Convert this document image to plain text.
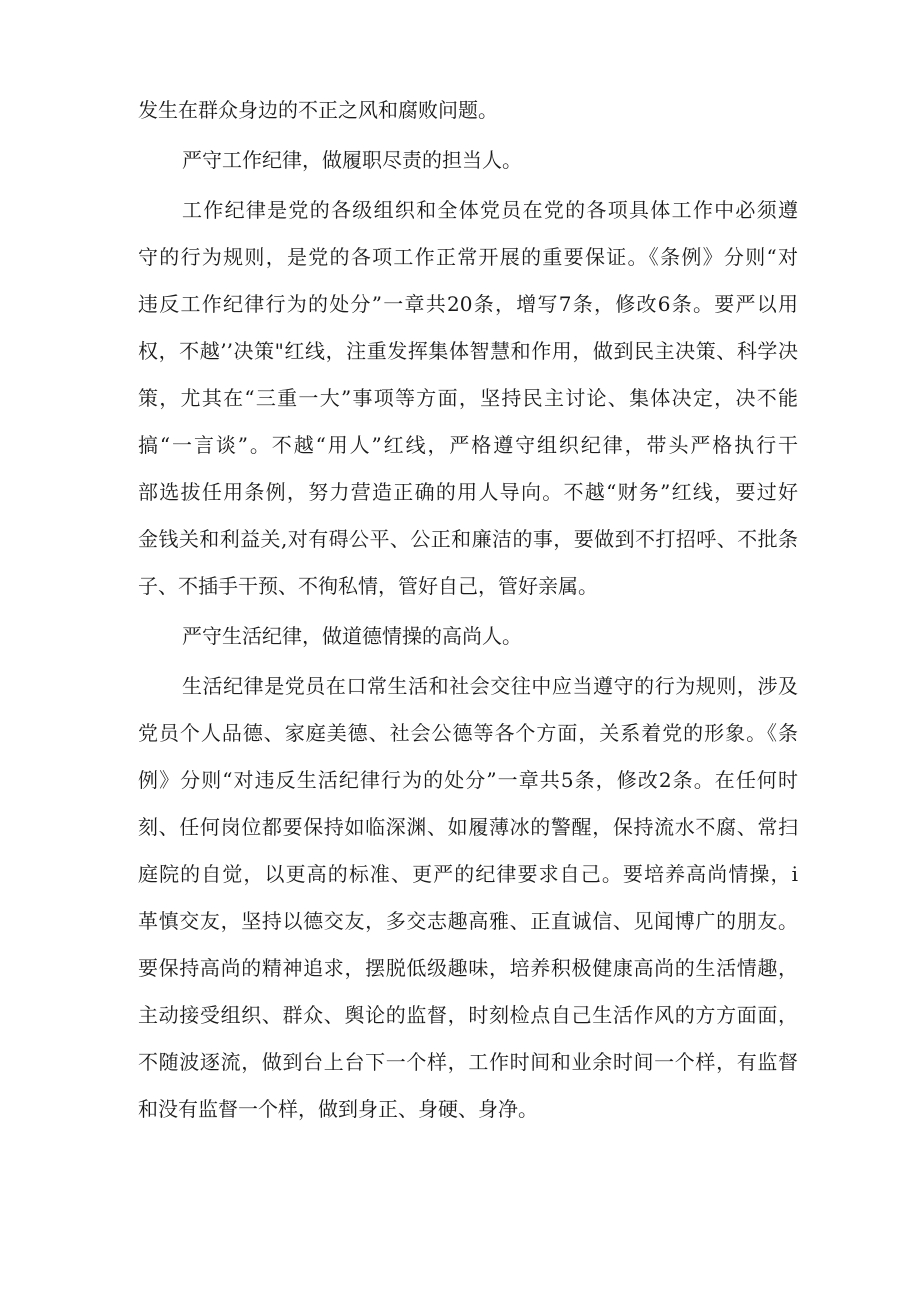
发生在群众身边的不正之风和腐败问题。

严守工作纪律，做履职尽责的担当人。

工作纪律是党的各级组织和全体党员在党的各项具体工作中必须遵

守的行为规则，是党的各项工作正常开展的重要保证。《条例》分则“对

违反工作纪律行为的处分”一章共20条，增写7条，修改6条。要严以用

权，不越’’决策"红线，注重发挥集体智慧和作用，做到民主决策、科学决

策，尤其在“三重一大”事项等方面，坚持民主讨论、集体决定，决不能

搞“一言谈”。不越“用人”红线，严格遵守组织纪律，带头严格执行干

部选拔任用条例，努力营造正确的用人导向。不越“财务”红线，要过好

金钱关和利益关,对有碍公平、公正和廉洁的事，要做到不打招呼、不批条

子、不插手干预、不徇私情，管好自己，管好亲属。

严守生活纪律，做道德情操的高尚人。

生活纪律是党员在口常生活和社会交往中应当遵守的行为规则，涉及

党员个人品德、家庭美德、社会公德等各个方面，关系着党的形象。《条

例》分则“对违反生活纪律行为的处分”一章共5条，修改2条。在任何时

刻、任何岗位都要保持如临深渊、如履薄冰的警醒，保持流水不腐、常扫

庭院的自觉，以更高的标准、更严的纪律要求自己。要培养高尚情操，i

革慎交友，坚持以德交友，多交志趣高雅、正直诚信、见闻博广的朋友。

要保持高尚的精神追求，摆脱低级趣味，培养积极健康高尚的生活情趣，

主动接受组织、群众、舆论的监督，时刻检点自己生活作风的方方面面，

不随波逐流，做到台上台下一个样，工作时间和业余时间一个样，有监督

和没有监督一个样，做到身正、身硬、身净。
